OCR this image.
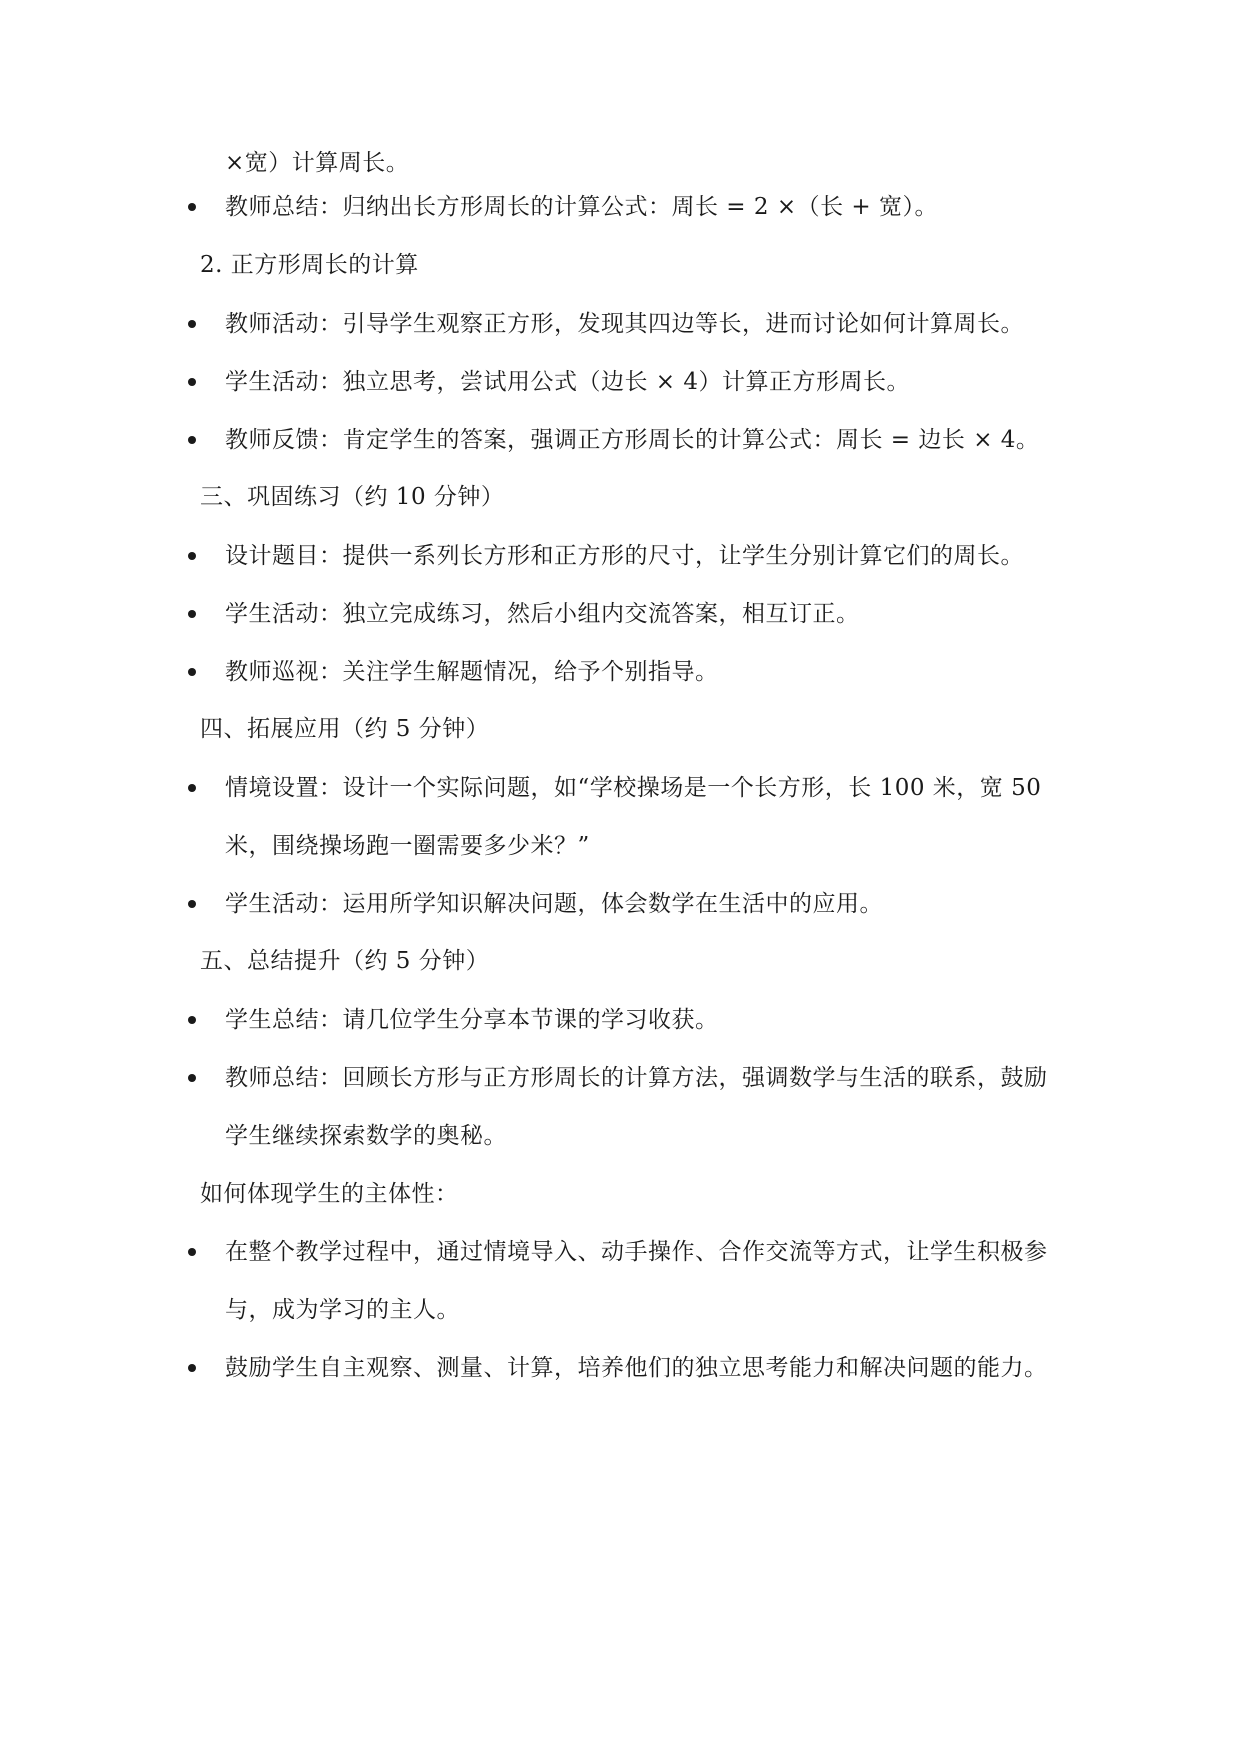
×宽）计算周长。
教师总结：归纳出长方形周长的计算公式：周长 = 2 ×（长 + 宽）。
2. 正方形周长的计算
教师活动：引导学生观察正方形，发现其四边等长，进而讨论如何计算周长。
学生活动：独立思考，尝试用公式（边长 × 4）计算正方形周长。
教师反馈：肯定学生的答案，强调正方形周长的计算公式：周长 = 边长 × 4。
三、巩固练习（约 10 分钟）
设计题目：提供一系列长方形和正方形的尺寸，让学生分别计算它们的周长。
学生活动：独立完成练习，然后小组内交流答案，相互订正。
教师巡视：关注学生解题情况，给予个别指导。
四、拓展应用（约 5 分钟）
情境设置：设计一个实际问题，如“学校操场是一个长方形，长 100 米，宽 50
米，围绕操场跑一圈需要多少米？”
学生活动：运用所学知识解决问题，体会数学在生活中的应用。
五、总结提升（约 5 分钟）
学生总结：请几位学生分享本节课的学习收获。
教师总结：回顾长方形与正方形周长的计算方法，强调数学与生活的联系，鼓励
学生继续探索数学的奥秘。
如何体现学生的主体性：
在整个教学过程中，通过情境导入、动手操作、合作交流等方式，让学生积极参
与，成为学习的主人。
鼓励学生自主观察、测量、计算，培养他们的独立思考能力和解决问题的能力。
